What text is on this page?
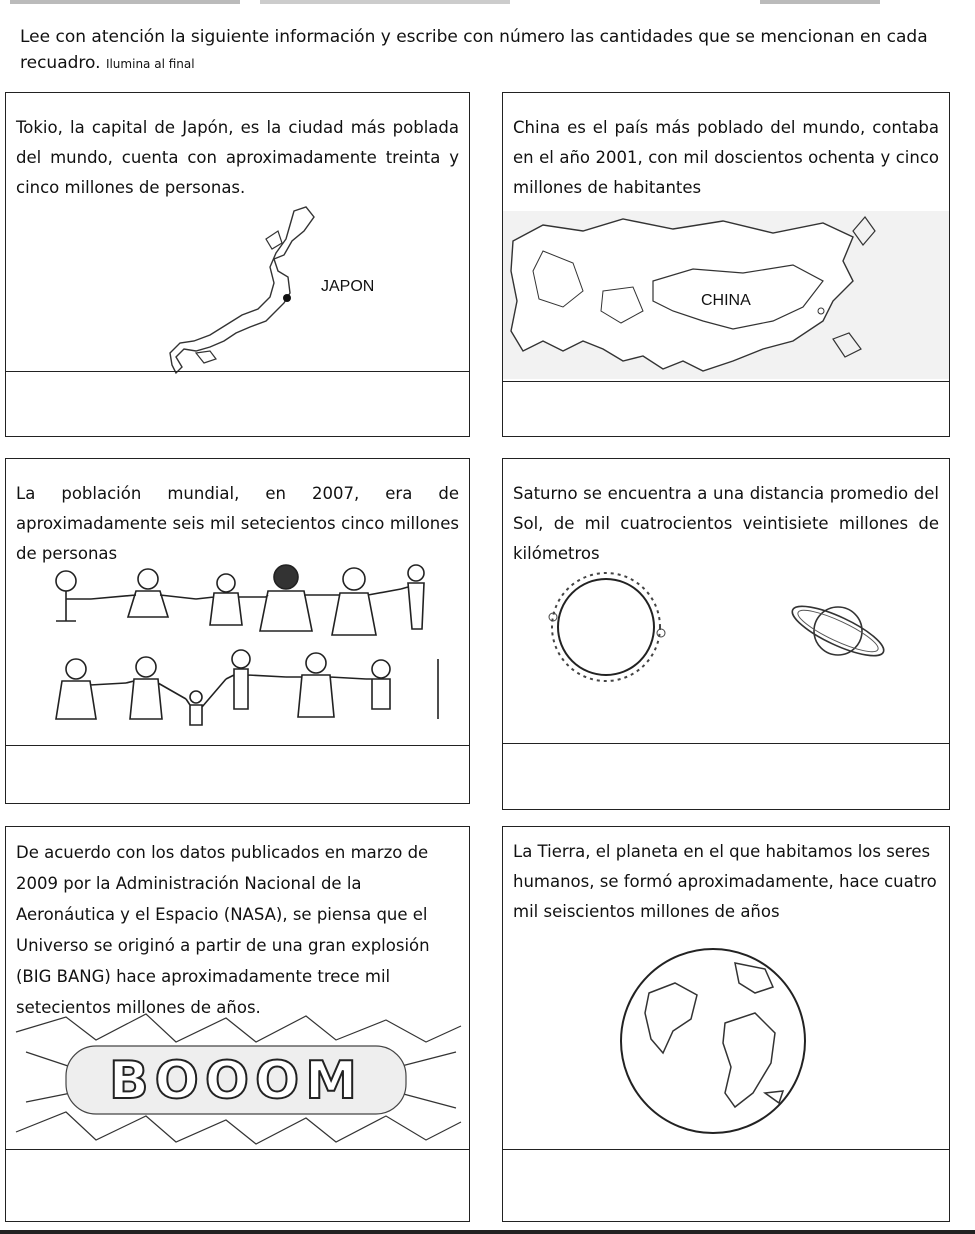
Lee con atención la siguiente información y escribe con número las cantidades que se mencionan en cada recuadro. Ilumina al final
Tokio, la capital de Japón, es la ciudad más poblada del mundo, cuenta con aproximadamente treinta y cinco millones de personas.
JAPON
China es el país más poblado del mundo, contaba en el año 2001, con mil doscientos ochenta y cinco millones de habitantes
CHINA
La población mundial, en 2007, era de aproximadamente seis mil setecientos cinco millones de personas
Saturno se encuentra a una distancia promedio del Sol, de mil cuatrocientos veintisiete millones de kilómetros
De acuerdo con los datos publicados en marzo de 2009 por la Administración Nacional de la Aeronáutica y el Espacio (NASA), se piensa que el Universo se originó a partir de una gran explosión (BIG BANG) hace aproximadamente trece mil setecientos millones de años.
BOOOM
La Tierra, el planeta en el que habitamos los seres humanos, se formó aproximadamente, hace cuatro mil seiscientos millones de años
